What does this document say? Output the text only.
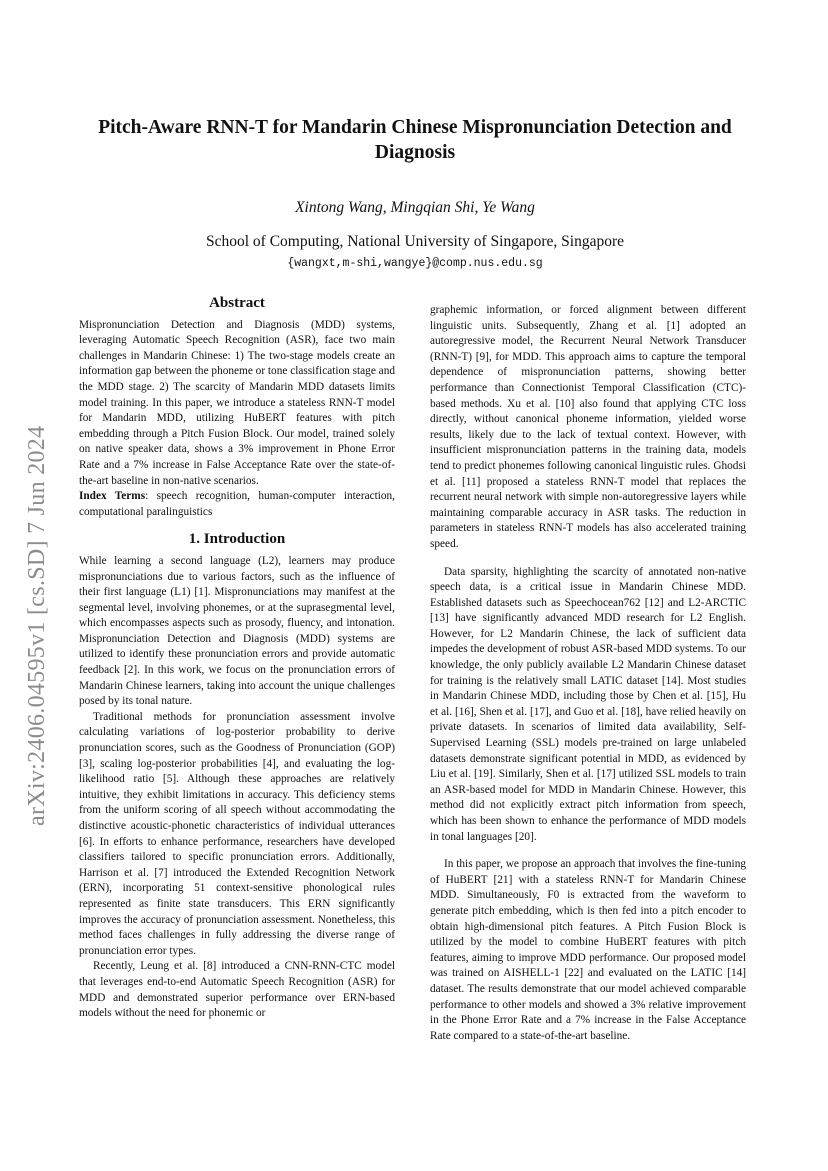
arXiv:2406.04595v1 [cs.SD] 7 Jun 2024
Pitch-Aware RNN-T for Mandarin Chinese Mispronunciation Detection and Diagnosis
Xintong Wang, Mingqian Shi, Ye Wang
School of Computing, National University of Singapore, Singapore
{wangxt,m-shi,wangye}@comp.nus.edu.sg
Abstract

Mispronunciation Detection and Diagnosis (MDD) systems, leveraging Automatic Speech Recognition (ASR), face two main challenges in Mandarin Chinese: 1) The two-stage models create an information gap between the phoneme or tone classification stage and the MDD stage. 2) The scarcity of Mandarin MDD datasets limits model training. In this paper, we introduce a stateless RNN-T model for Mandarin MDD, utilizing HuBERT features with pitch embedding through a Pitch Fusion Block. Our model, trained solely on native speaker data, shows a 3% improvement in Phone Error Rate and a 7% increase in False Acceptance Rate over the state-of-the-art baseline in non-native scenarios.

Index Terms: speech recognition, human-computer interaction, computational paralinguistics

1. Introduction

While learning a second language (L2), learners may produce mispronunciations due to various factors, such as the influence of their first language (L1) [1]. Mispronunciations may manifest at the segmental level, involving phonemes, or at the suprasegmental level, which encompasses aspects such as prosody, fluency, and intonation. Mispronunciation Detection and Diagnosis (MDD) systems are utilized to identify these pronunciation errors and provide automatic feedback [2]. In this work, we focus on the pronunciation errors of Mandarin Chinese learners, taking into account the unique challenges posed by its tonal nature.

Traditional methods for pronunciation assessment involve calculating variations of log-posterior probability to derive pronunciation scores, such as the Goodness of Pronunciation (GOP) [3], scaling log-posterior probabilities [4], and evaluating the log-likelihood ratio [5]. Although these approaches are relatively intuitive, they exhibit limitations in accuracy. This deficiency stems from the uniform scoring of all speech without accommodating the distinctive acoustic-phonetic characteristics of individual utterances [6]. In efforts to enhance performance, researchers have developed classifiers tailored to specific pronunciation errors. Additionally, Harrison et al. [7] introduced the Extended Recognition Network (ERN), incorporating 51 context-sensitive phonological rules represented as finite state transducers. This ERN significantly improves the accuracy of pronunciation assessment. Nonetheless, this method faces challenges in fully addressing the diverse range of pronunciation error types.

Recently, Leung et al. [8] introduced a CNN-RNN-CTC model that leverages end-to-end Automatic Speech Recognition (ASR) for MDD and demonstrated superior performance over ERN-based models without the need for phonemic or

graphemic information, or forced alignment between different linguistic units. Subsequently, Zhang et al. [1] adopted an autoregressive model, the Recurrent Neural Network Transducer (RNN-T) [9], for MDD. This approach aims to capture the temporal dependence of mispronunciation patterns, showing better performance than Connectionist Temporal Classification (CTC)-based methods. Xu et al. [10] also found that applying CTC loss directly, without canonical phoneme information, yielded worse results, likely due to the lack of textual context. However, with insufficient mispronunciation patterns in the training data, models tend to predict phonemes following canonical linguistic rules. Ghodsi et al. [11] proposed a stateless RNN-T model that replaces the recurrent neural network with simple non-autoregressive layers while maintaining comparable accuracy in ASR tasks. The reduction in parameters in stateless RNN-T models has also accelerated training speed.

Data sparsity, highlighting the scarcity of annotated non-native speech data, is a critical issue in Mandarin Chinese MDD. Established datasets such as Speechocean762 [12] and L2-ARCTIC [13] have significantly advanced MDD research for L2 English. However, for L2 Mandarin Chinese, the lack of sufficient data impedes the development of robust ASR-based MDD systems. To our knowledge, the only publicly available L2 Mandarin Chinese dataset for training is the relatively small LATIC dataset [14]. Most studies in Mandarin Chinese MDD, including those by Chen et al. [15], Hu et al. [16], Shen et al. [17], and Guo et al. [18], have relied heavily on private datasets. In scenarios of limited data availability, Self-Supervised Learning (SSL) models pre-trained on large unlabeled datasets demonstrate significant potential in MDD, as evidenced by Liu et al. [19]. Similarly, Shen et al. [17] utilized SSL models to train an ASR-based model for MDD in Mandarin Chinese. However, this method did not explicitly extract pitch information from speech, which has been shown to enhance the performance of MDD models in tonal languages [20].

In this paper, we propose an approach that involves the fine-tuning of HuBERT [21] with a stateless RNN-T for Mandarin Chinese MDD. Simultaneously, F0 is extracted from the waveform to generate pitch embedding, which is then fed into a pitch encoder to obtain high-dimensional pitch features. A Pitch Fusion Block is utilized by the model to combine HuBERT features with pitch features, aiming to improve MDD performance. Our proposed model was trained on AISHELL-1 [22] and evaluated on the LATIC [14] dataset. The results demonstrate that our model achieved comparable performance to other models and showed a 3% relative improvement in the Phone Error Rate and a 7% increase in the False Acceptance Rate compared to a state-of-the-art baseline.
